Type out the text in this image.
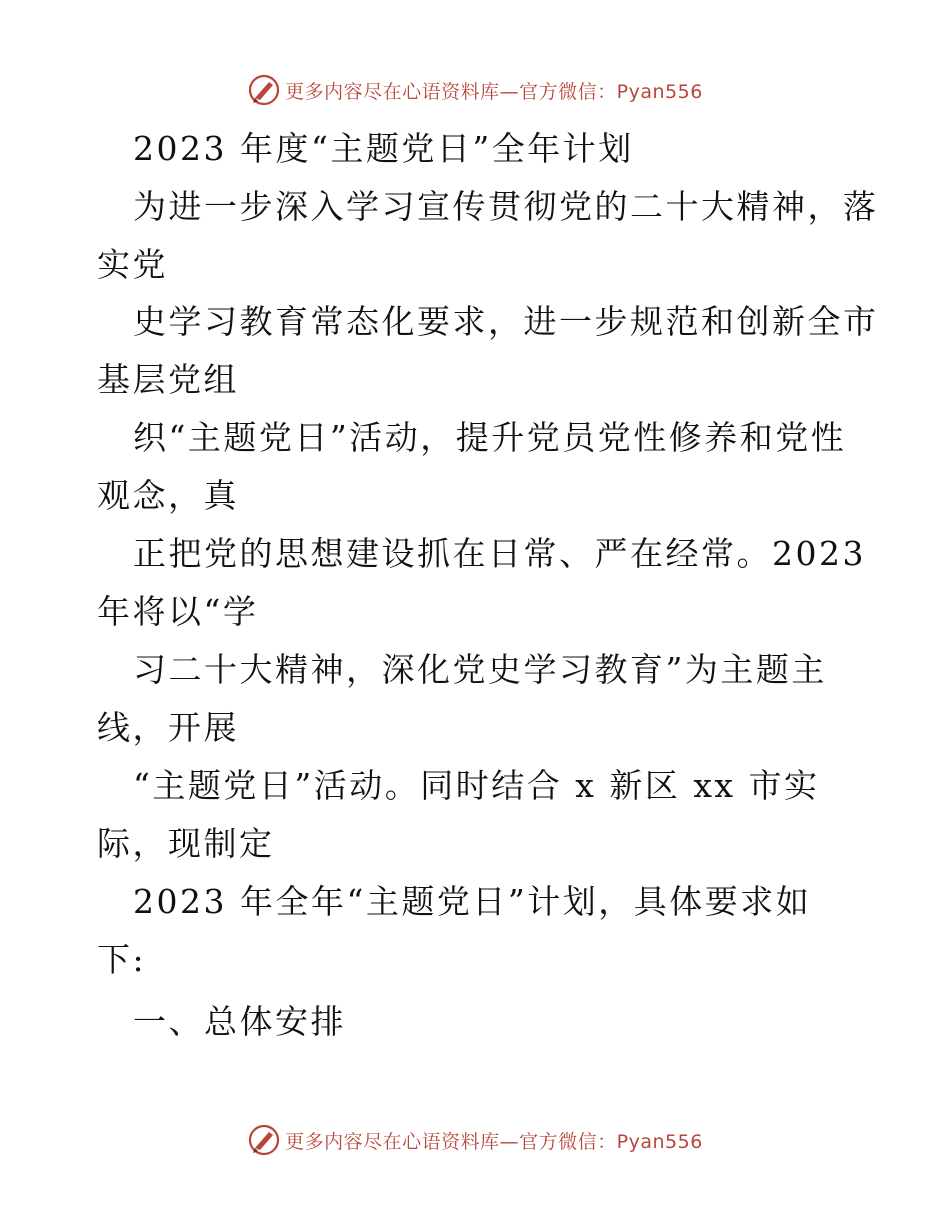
更多内容尽在心语资料库—官方微信：Pyan556
2023 年度“主题党日”全年计划
为进一步深入学习宣传贯彻党的二十大精神，落
实党
史学习教育常态化要求，进一步规范和创新全市
基层党组
织“主题党日”活动，提升党员党性修养和党性
观念，真
正把党的思想建设抓在日常、严在经常。2023
年将以“学
习二十大精神，深化党史学习教育”为主题主
线，开展
“主题党日”活动。同时结合 x 新区 xx 市实
际，现制定
2023 年全年“主题党日”计划，具体要求如
下:
一、总体安排
更多内容尽在心语资料库—官方微信：Pyan556
